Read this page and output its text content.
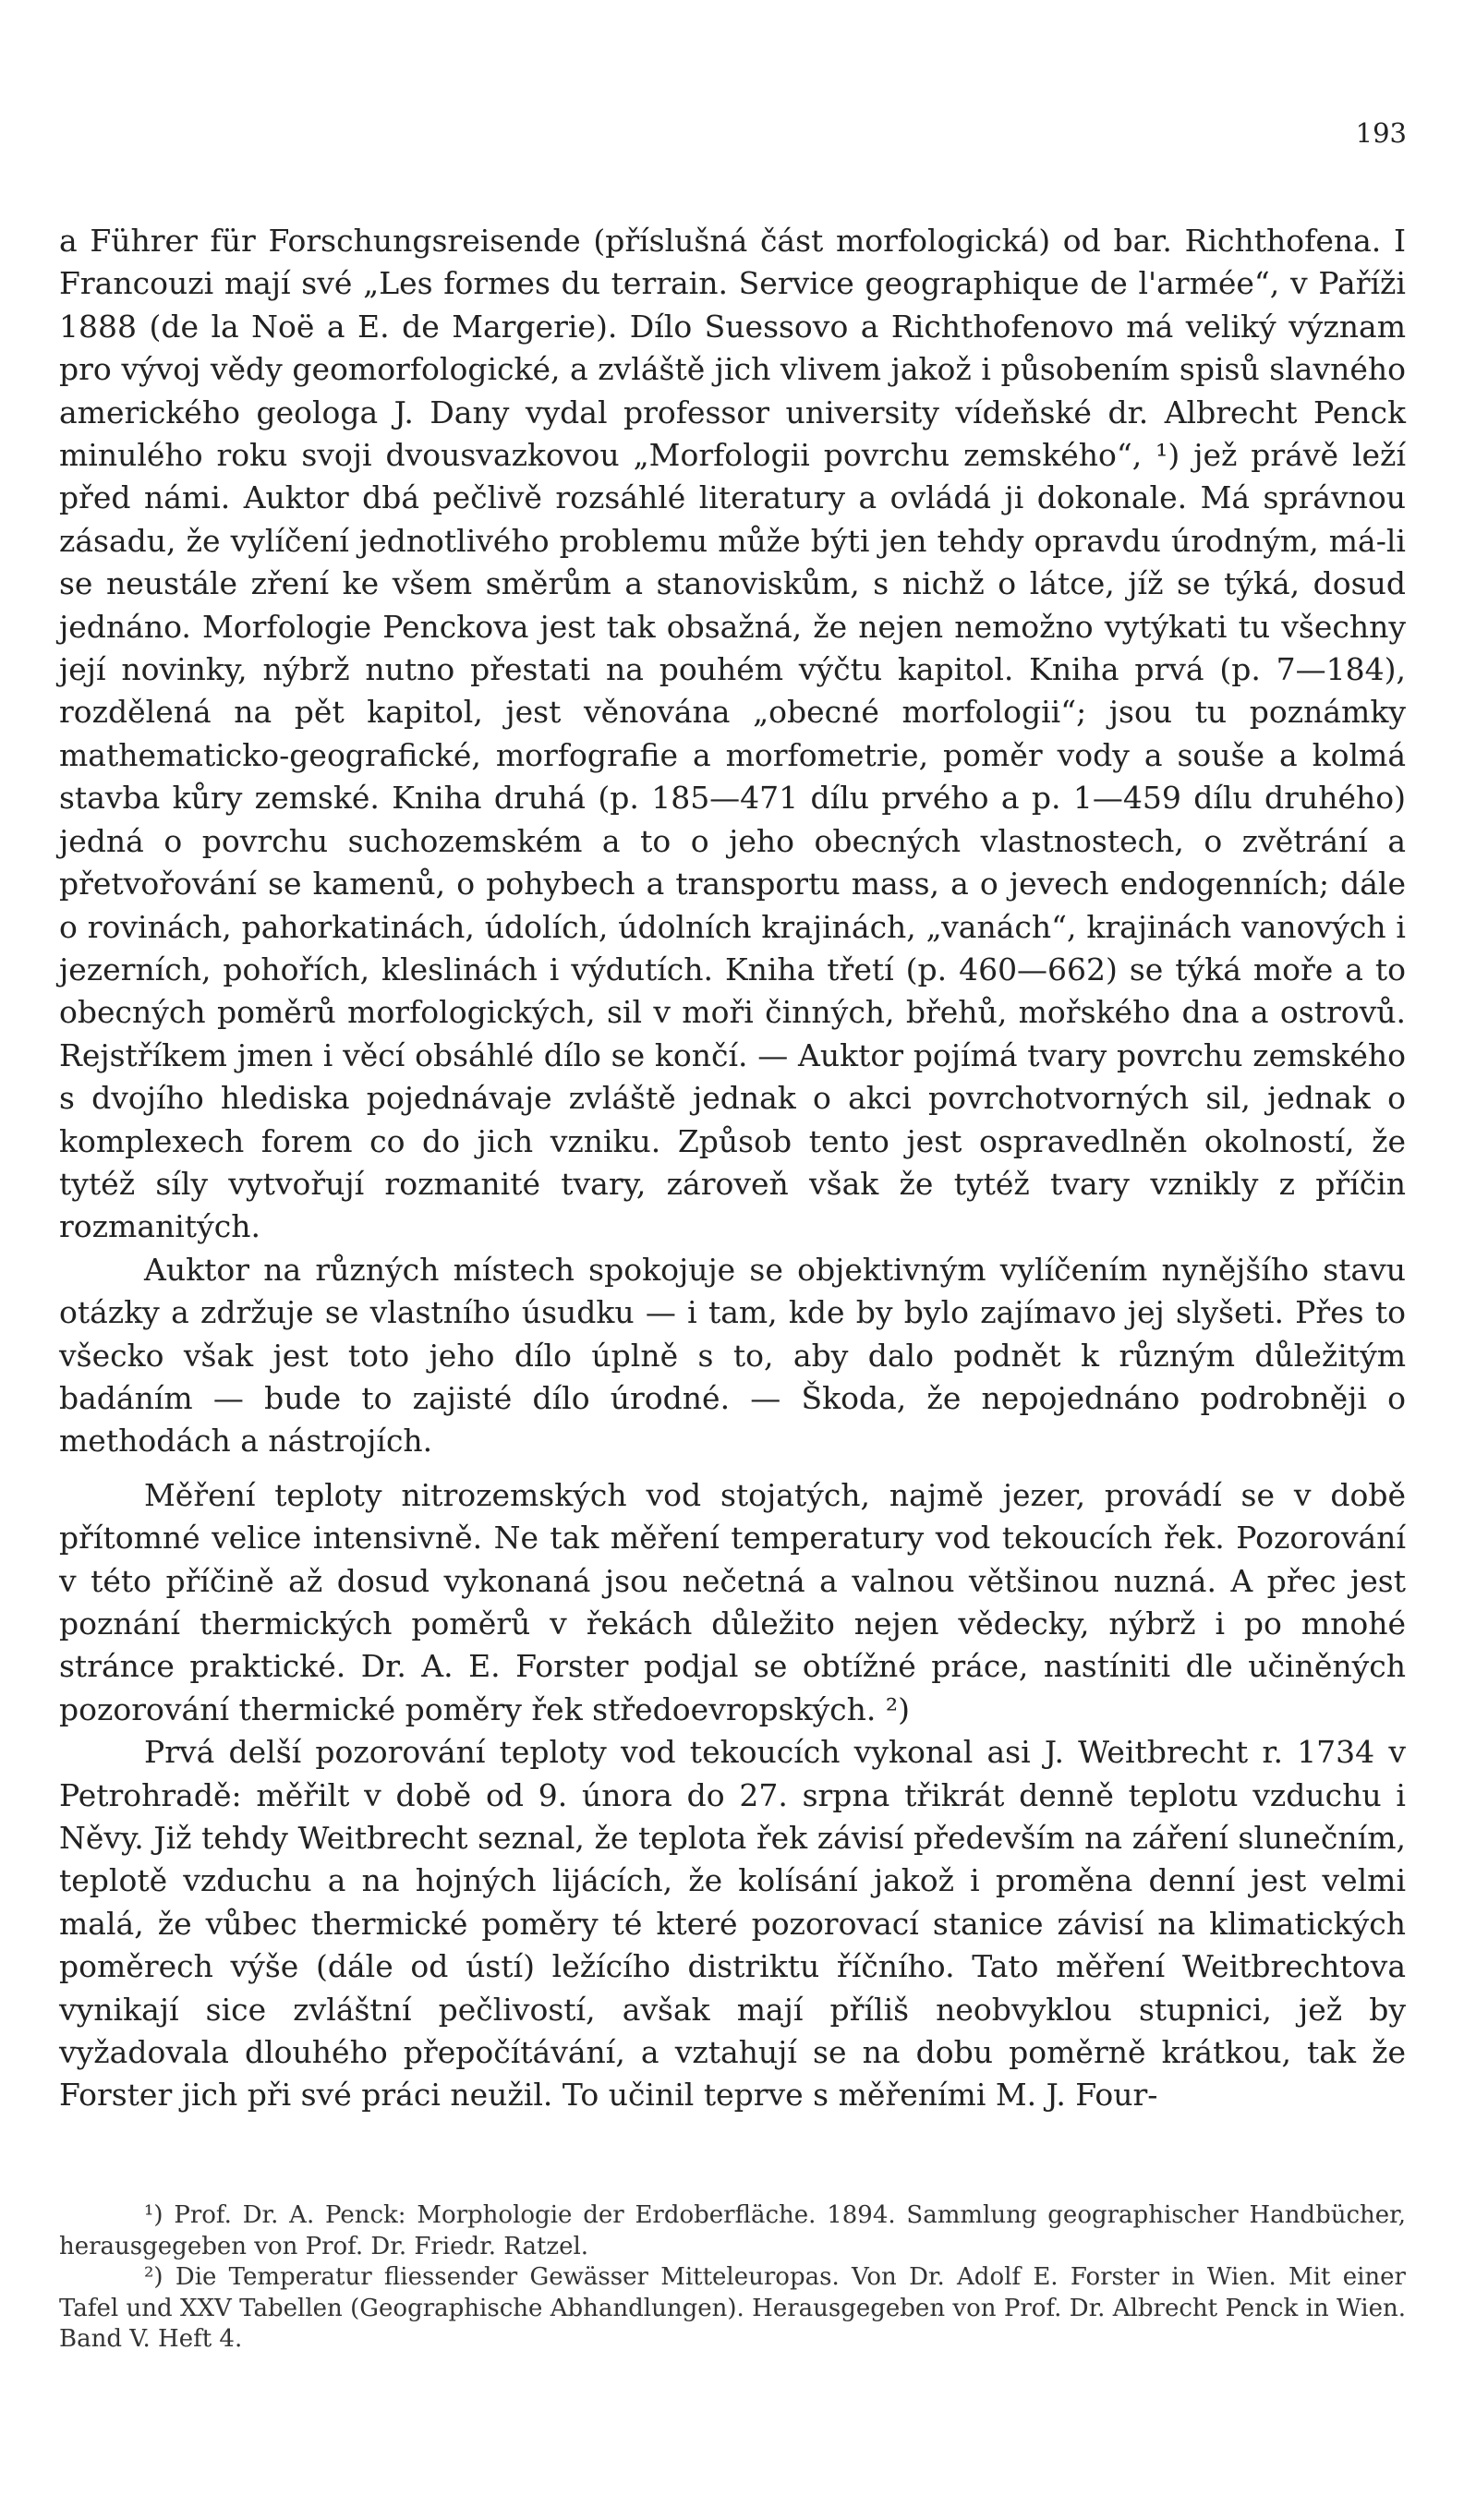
193

a Führer für Forschungsreisende (příslušná část morfologická) od bar. Richthofena. I Francouzi mají své „Les formes du terrain. Service geographique de l'armée“, v Paříži 1888 (de la Noë a E. de Margerie). Dílo Suessovo a Richthofenovo má veliký význam pro vývoj vědy geomorfologické, a zvláště jich vlivem jakož i působením spisů slavného amerického geologa J. Dany vydal professor university vídeňské dr. Albrecht Penck minulého roku svoji dvousvazkovou „Morfologii povrchu zemského“, ¹) jež právě leží před námi. Auktor dbá pečlivě rozsáhlé literatury a ovládá ji dokonale. Má správnou zásadu, že vylíčení jednotlivého problemu může býti jen tehdy opravdu úrodným, má-li se neustále zření ke všem směrům a stanoviskům, s nichž o látce, jíž se týká, dosud jednáno. Morfologie Penckova jest tak obsažná, že nejen nemožno vytýkati tu všechny její novinky, nýbrž nutno přestati na pouhém výčtu kapitol. Kniha prvá (p. 7—184), rozdělená na pět kapitol, jest věnována „obecné morfologii“; jsou tu poznámky mathematicko-geografické, morfografie a morfometrie, poměr vody a souše a kolmá stavba kůry zemské. Kniha druhá (p. 185—471 dílu prvého a p. 1—459 dílu druhého) jedná o povrchu suchozemském a to o jeho obecných vlastnostech, o zvětrání a přetvořování se kamenů, o pohybech a transportu mass, a o jevech endogenních; dále o rovinách, pahorkatinách, údolích, údolních krajinách, „vanách“, krajinách vanových i jezerních, pohořích, kleslinách i výdutích. Kniha třetí (p. 460—662) se týká moře a to obecných poměrů morfologických, sil v moři činných, břehů, mořského dna a ostrovů. Rejstříkem jmen i věcí obsáhlé dílo se končí. — Auktor pojímá tvary povrchu zemského s dvojího hlediska pojednávaje zvláště jednak o akci povrchotvorných sil, jednak o komplexech forem co do jich vzniku. Způsob tento jest ospravedlněn okolností, že tytéž síly vytvořují rozmanité tvary, zároveň však že tytéž tvary vznikly z příčin rozmanitých.

Auktor na různých místech spokojuje se objektivným vylíčením nynějšího stavu otázky a zdržuje se vlastního úsudku — i tam, kde by bylo zajímavo jej slyšeti. Přes to všecko však jest toto jeho dílo úplně s to, aby dalo podnět k různým důležitým badáním — bude to zajisté dílo úrodné. — Škoda, že nepojednáno podrobněji o methodách a nástrojích.

Měření teploty nitrozemských vod stojatých, najmě jezer, provádí se v době přítomné velice intensivně. Ne tak měření temperatury vod tekoucích řek. Pozorování v této příčině až dosud vykonaná jsou nečetná a valnou většinou nuzná. A přec jest poznání thermických poměrů v řekách důležito nejen vědecky, nýbrž i po mnohé stránce praktické. Dr. A. E. Forster podjal se obtížné práce, nastíniti dle učiněných pozorování thermické poměry řek středoevropských. ²)

Prvá delší pozorování teploty vod tekoucích vykonal asi J. Weitbrecht r. 1734 v Petrohradě: měřilt v době od 9. února do 27. srpna třikrát denně teplotu vzduchu i Něvy. Již tehdy Weitbrecht seznal, že teplota řek závisí především na záření slunečním, teplotě vzduchu a na hojných lijácích, že kolísání jakož i proměna denní jest velmi malá, že vůbec thermické poměry té které pozorovací stanice závisí na klimatických poměrech výše (dále od ústí) ležícího distriktu říčního. Tato měření Weitbrechtova vynikají sice zvláštní pečlivostí, avšak mají příliš neobvyklou stupnici, jež by vyžadovala dlouhého přepočítávání, a vztahují se na dobu poměrně krátkou, tak že Forster jich při své práci neužil. To učinil teprve s měřeními M. J. Four-

¹) Prof. Dr. A. Penck: Morphologie der Erdoberfläche. 1894. Sammlung geographischer Handbücher, herausgegeben von Prof. Dr. Friedr. Ratzel.

²) Die Temperatur fliessender Gewässer Mitteleuropas. Von Dr. Adolf E. Forster in Wien. Mit einer Tafel und XXV Tabellen (Geographische Abhandlungen). Herausgegeben von Prof. Dr. Albrecht Penck in Wien. Band V. Heft 4.
